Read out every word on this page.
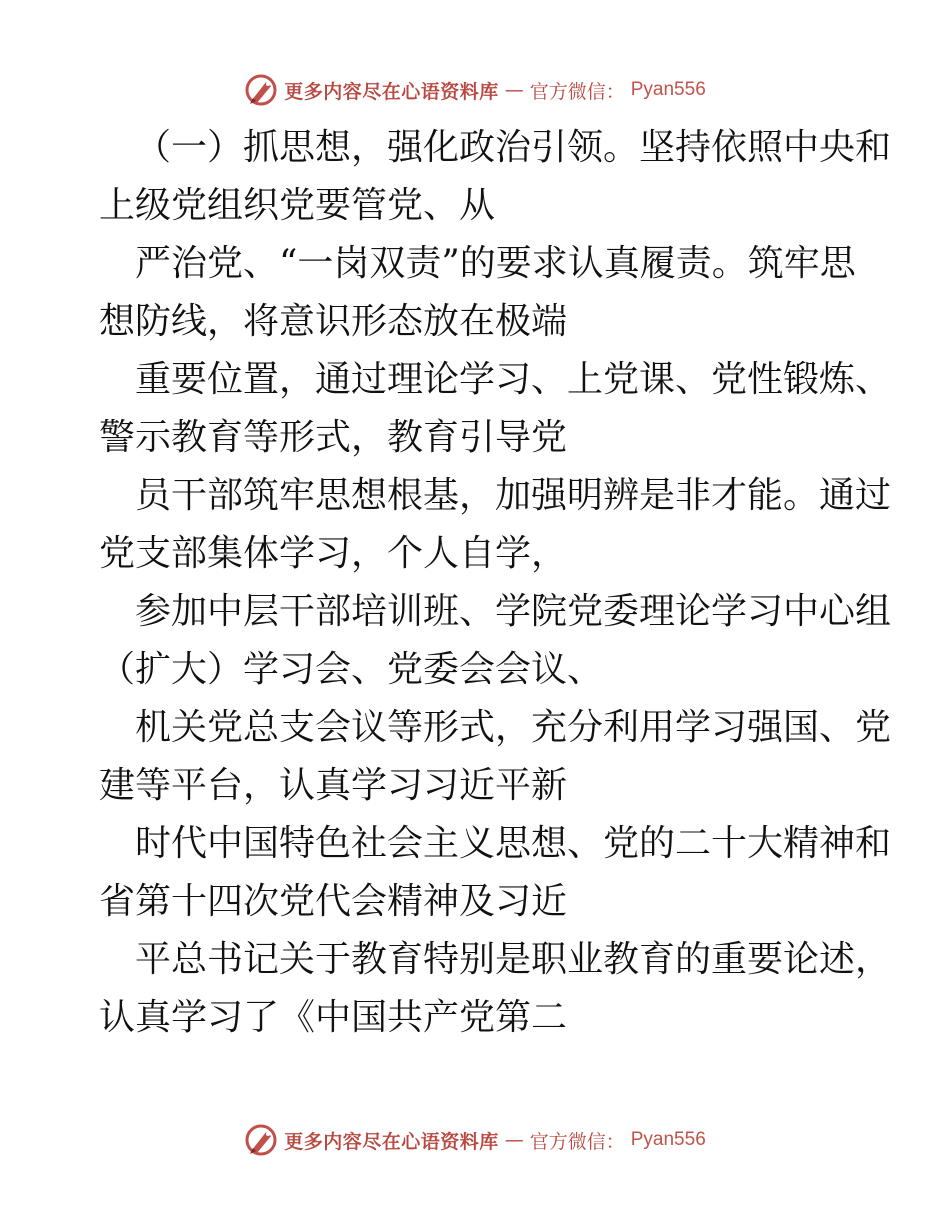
更多内容尽在心语资料库 — 官方微信： Pyan556
（一）抓思想，强化政治引领。坚持依照中央和
上级党组织党要管党、从
严治党、“一岗双责”的要求认真履责。筑牢思
想防线，将意识形态放在极端
重要位置，通过理论学习、上党课、党性锻炼、
警示教育等形式，教育引导党
员干部筑牢思想根基，加强明辨是非才能。通过
党支部集体学习，个人自学，
参加中层干部培训班、学院党委理论学习中心组
（扩大）学习会、党委会会议、
机关党总支会议等形式，充分利用学习强国、党
建等平台，认真学习习近平新
时代中国特色社会主义思想、党的二十大精神和
省第十四次党代会精神及习近
平总书记关于教育特别是职业教育的重要论述，
认真学习了《中国共产党第二
更多内容尽在心语资料库 — 官方微信： Pyan556
